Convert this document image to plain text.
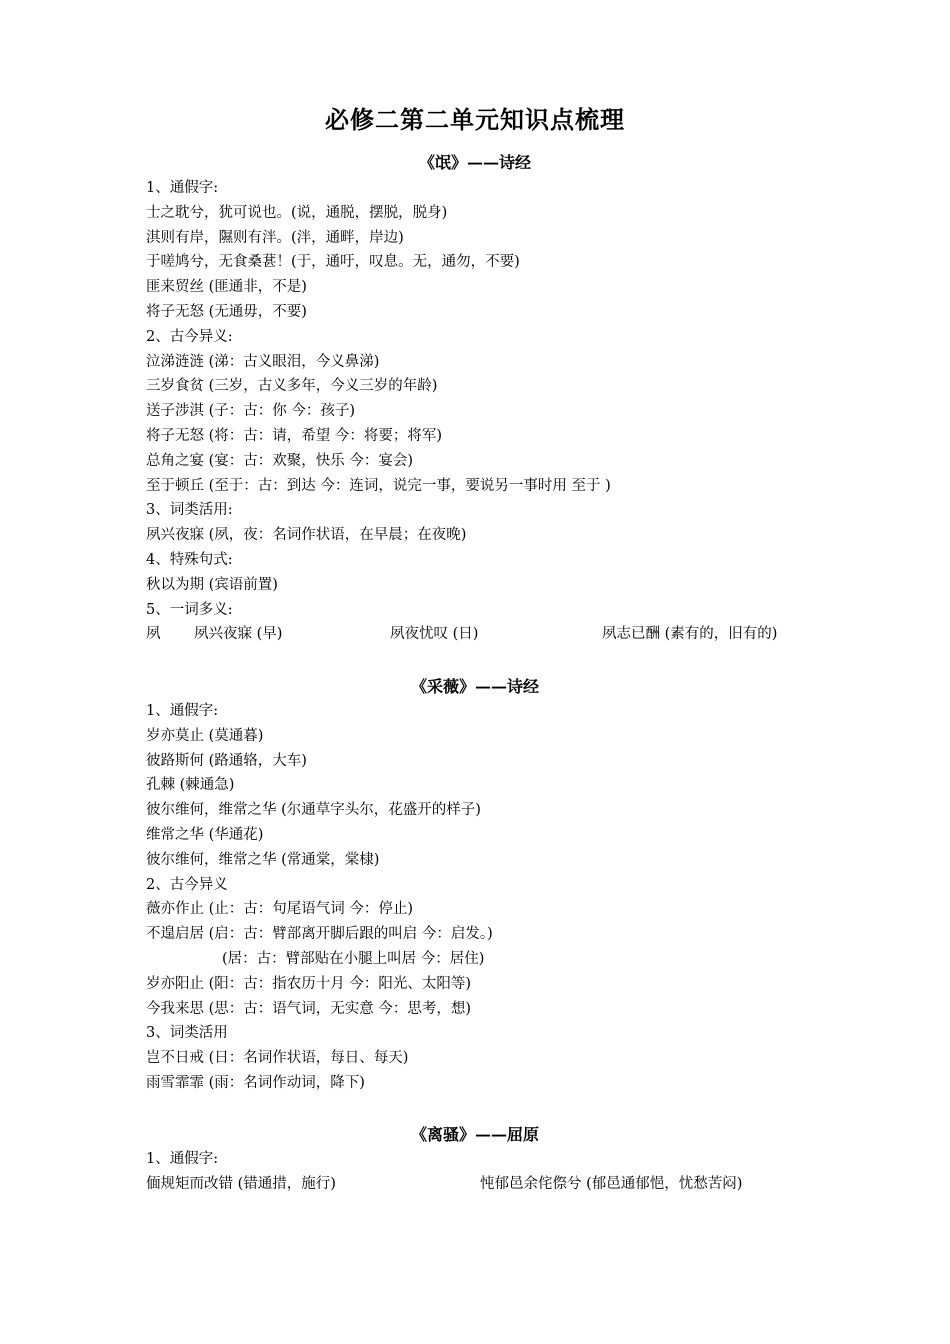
必修二第二单元知识点梳理
《氓》——诗经
1、通假字:
士之耽兮，犹可说也。(说，通脱，摆脱，脱身)
淇则有岸，隰则有泮。(泮，通畔，岸边)
于嗟鸠兮，无食桑葚！(于，通吁，叹息。无，通勿，不要)
匪来贸丝 (匪通非，不是)
将子无怒 (无通毋，不要)
2、古今异义:
泣涕涟涟 (涕：古义眼泪，今义鼻涕)
三岁食贫 (三岁，古义多年，今义三岁的年龄)
送子涉淇 (子：古：你 今：孩子)
将子无怒 (将：古：请，希望 今：将要；将军)
总角之宴 (宴：古：欢聚，快乐 今：宴会)
至于顿丘 (至于：古：到达 今：连词，说完一事，要说另一事时用 至于 )
3、词类活用:
夙兴夜寐 (夙，夜：名词作状语，在早晨；在夜晚)
4、特殊句式:
秋以为期 (宾语前置)
5、一词多义:
夙 夙兴夜寐 (早)	夙夜忧叹 (日)	夙志已酬 (素有的，旧有的)
《采薇》——诗经
1、通假字:
岁亦莫止 (莫通暮)
彼路斯何 (路通辂，大车)
孔棘 (棘通急)
彼尔维何，维常之华 (尔通草字头尔，花盛开的样子)
维常之华 (华通花)
彼尔维何，维常之华 (常通棠，棠棣)
2、古今异义
薇亦作止 (止：古：句尾语气词 今：停止)
不遑启居 (启：古：臂部离开脚后跟的叫启 今：启发。)
(居：古：臂部贴在小腿上叫居 今：居住)
岁亦阳止 (阳：古：指农历十月 今：阳光、太阳等)
今我来思 (思：古：语气词，无实意 今：思考，想)
3、词类活用
岂不日戒 (日：名词作状语，每日、每天)
雨雪霏霏 (雨：名词作动词，降下)
《离骚》——屈原
1、通假字:
偭规矩而改错 (错通措，施行)	忳郁邑余侘傺兮 (郁邑通郁悒，忧愁苦闷)
